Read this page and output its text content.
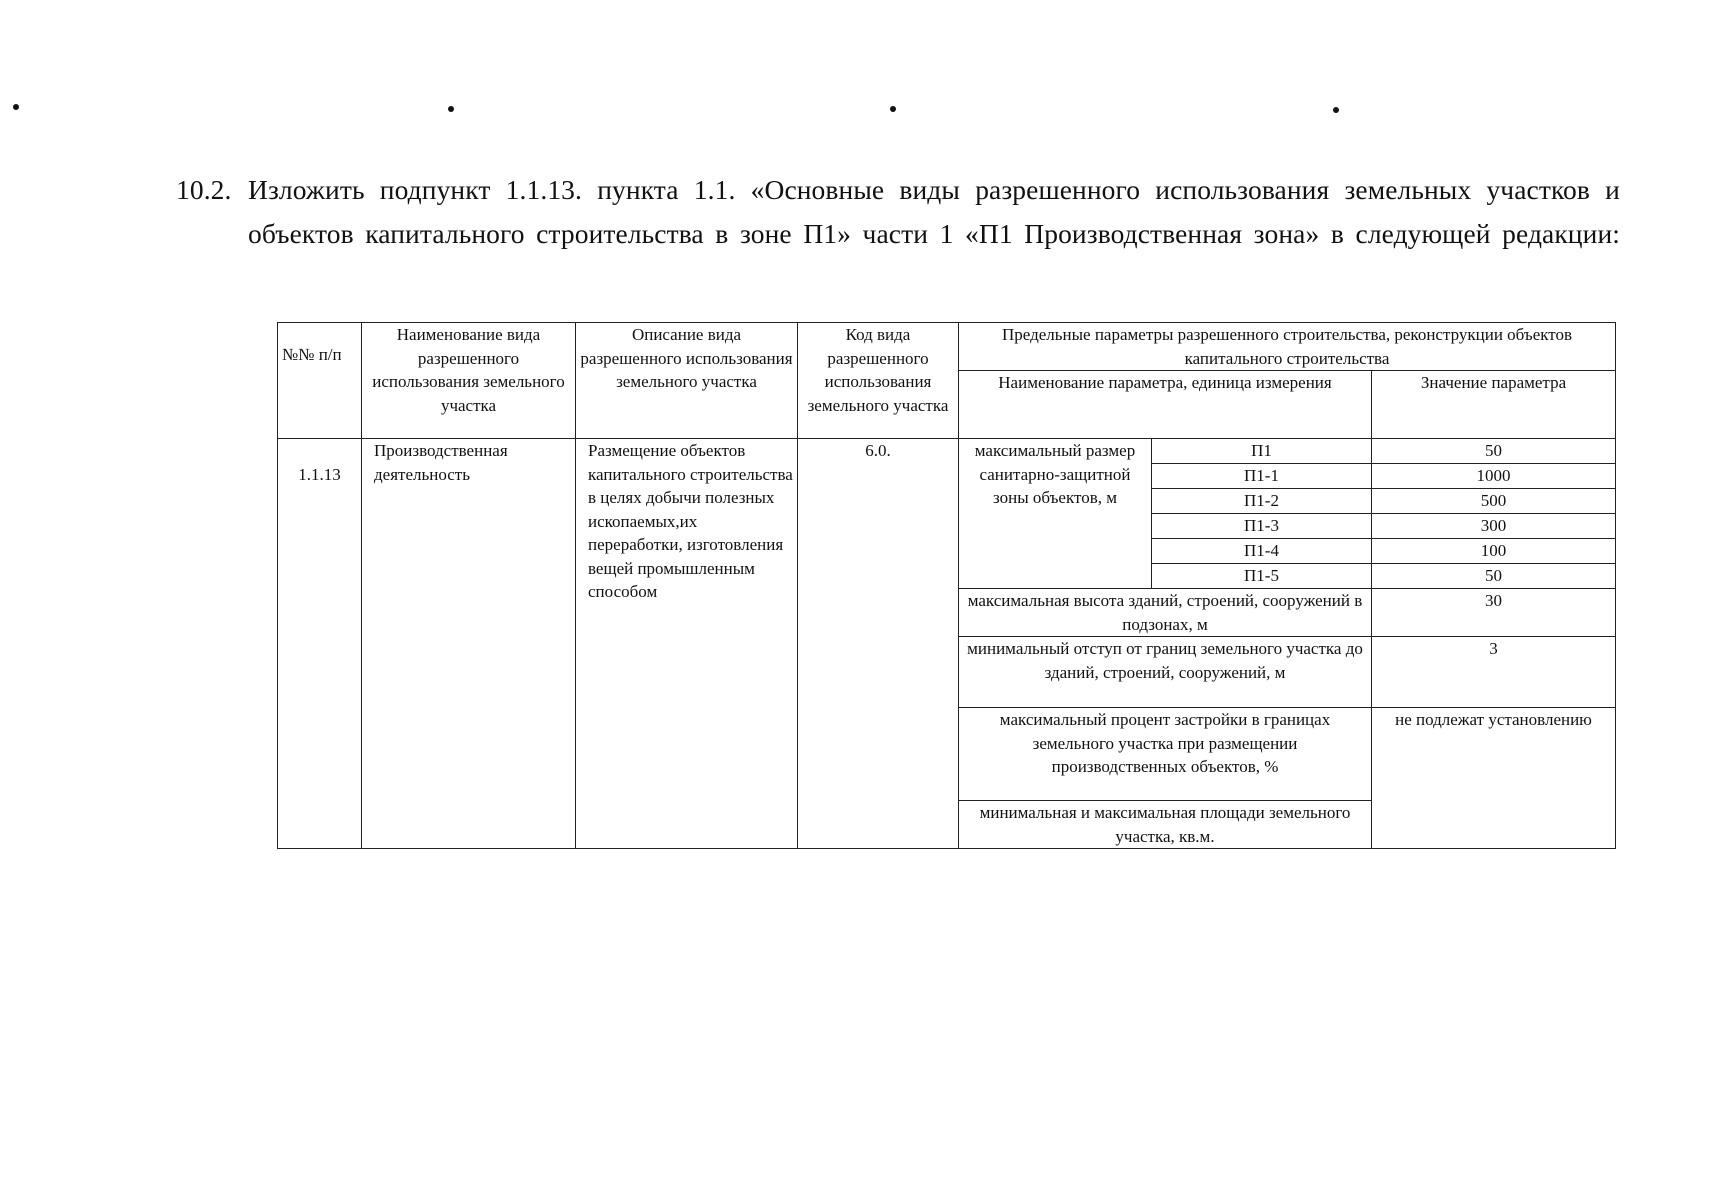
10.2. Изложить подпункт 1.1.13. пункта 1.1. «Основные виды разрешенного использования земельных участков и
объектов капитального строительства в зоне П1» части 1 «П1 Производственная зона» в следующей редакции:
№№ п/п	Наименование вида разрешенного использования земельного участка	Описание вида разрешенного использования земельного участка	Код вида разрешенного использования земельного участка	Предельные параметры разрешенного строительства, реконструкции объектов капитального строительства		
				Наименование параметра, единица измерения		Значение параметра
1.1.13	Производственная деятельность	Размещение объектов капитального строительства в целях добычи полезных ископаемых,их переработки, изготовления вещей промышленным способом	6.0.	максимальный размер санитарно-защитной зоны объектов, м	П1	50
					П1-1	1000
					П1-2	500
					П1-3	300
					П1-4	100
					П1-5	50
				максимальная высота зданий, строений, сооружений в подзонах, м		30
				минимальный отступ от границ земельного участка до зданий, строений, сооружений, м		3
				максимальный процент застройки в границах земельного участка при размещении производственных объектов, %		не подлежат установлению
				минимальная и максимальная площади земельного участка, кв.м.		
